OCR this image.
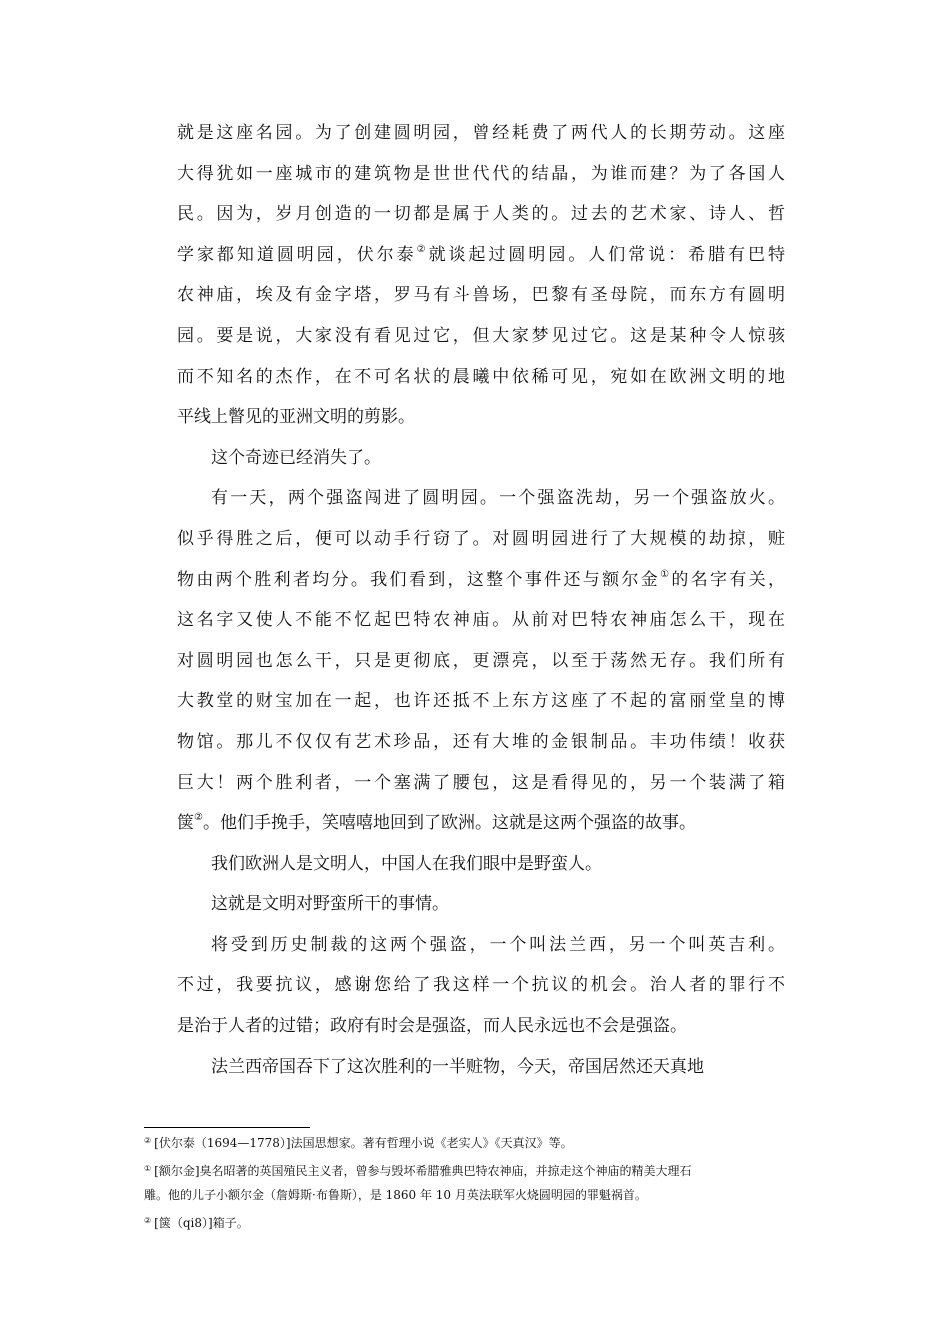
就是这座名园。为了创建圆明园，曾经耗费了两代人的长期劳动。这座

大得犹如一座城市的建筑物是世世代代的结晶，为谁而建？为了各国人

民。因为，岁月创造的一切都是属于人类的。过去的艺术家、诗人、哲

学家都知道圆明园，伏尔泰②就谈起过圆明园。人们常说：希腊有巴特

农神庙，埃及有金字塔，罗马有斗兽场，巴黎有圣母院，而东方有圆明

园。要是说，大家没有看见过它，但大家梦见过它。这是某种令人惊骇

而不知名的杰作，在不可名状的晨曦中依稀可见，宛如在欧洲文明的地

平线上瞥见的亚洲文明的剪影。

这个奇迹已经消失了。

有一天，两个强盗闯进了圆明园。一个强盗洗劫，另一个强盗放火。

似乎得胜之后，便可以动手行窃了。对圆明园进行了大规模的劫掠，赃

物由两个胜利者均分。我们看到，这整个事件还与额尔金①的名字有关，

这名字又使人不能不忆起巴特农神庙。从前对巴特农神庙怎么干，现在

对圆明园也怎么干，只是更彻底，更漂亮，以至于荡然无存。我们所有

大教堂的财宝加在一起，也许还抵不上东方这座了不起的富丽堂皇的博

物馆。那儿不仅仅有艺术珍品，还有大堆的金银制品。丰功伟绩！收获

巨大！两个胜利者，一个塞满了腰包，这是看得见的，另一个装满了箱

箧②。他们手挽手，笑嘻嘻地回到了欧洲。这就是这两个强盗的故事。

我们欧洲人是文明人，中国人在我们眼中是野蛮人。

这就是文明对野蛮所干的事情。

将受到历史制裁的这两个强盗，一个叫法兰西，另一个叫英吉利。

不过，我要抗议，感谢您给了我这样一个抗议的机会。治人者的罪行不

是治于人者的过错；政府有时会是强盗，而人民永远也不会是强盗。

法兰西帝国吞下了这次胜利的一半赃物，今天，帝国居然还天真地

② [伏尔泰（1694—1778）]法国思想家。著有哲理小说《老实人》《天真汉》等。

① [额尔金]臭名昭著的英国殖民主义者，曾参与毁坏希腊雅典巴特农神庙，并掠走这个神庙的精美大理石
雕。他的儿子小额尔金（詹姆斯·布鲁斯），是 1860 年 10 月英法联军火烧圆明园的罪魁祸首。

② [箧（qi8）]箱子。
